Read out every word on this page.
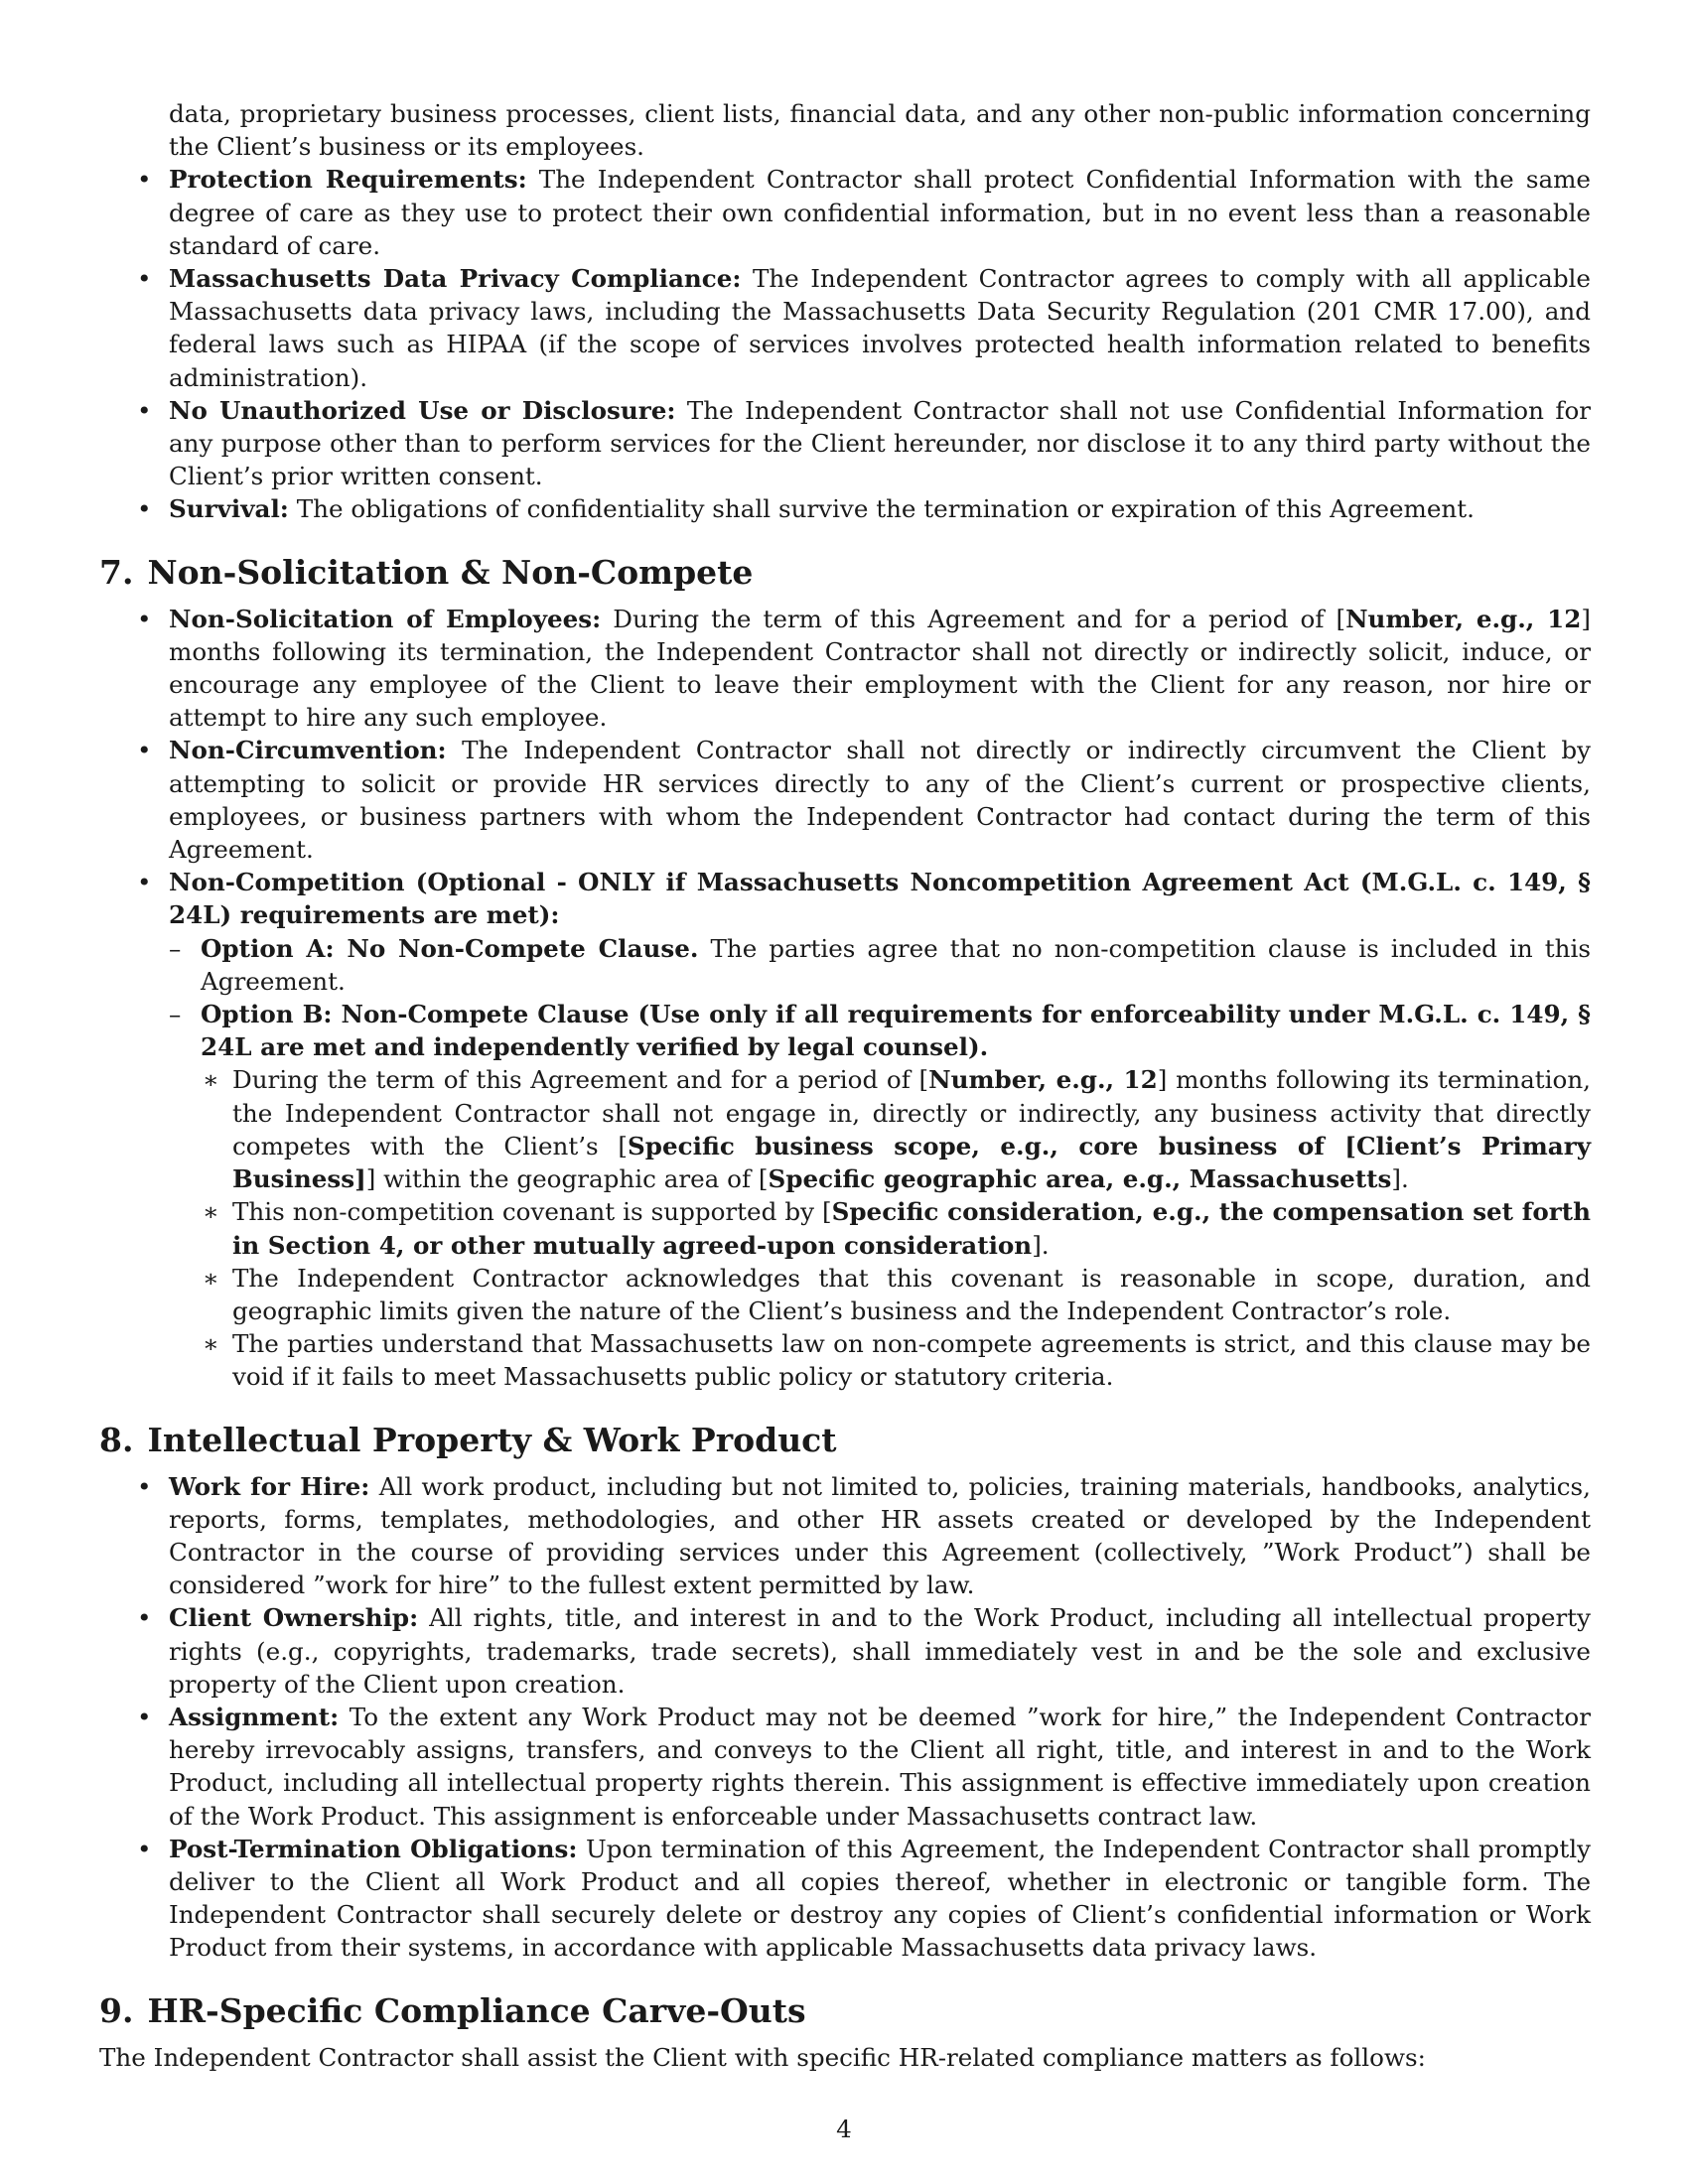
data, proprietary business processes, client lists, financial data, and any other non-public information concerning the Client’s business or its employees.

• Protection Requirements: The Independent Contractor shall protect Confidential Information with the same degree of care as they use to protect their own confidential information, but in no event less than a reasonable standard of care.
• Massachusetts Data Privacy Compliance: The Independent Contractor agrees to comply with all applicable Massachusetts data privacy laws, including the Massachusetts Data Security Regulation (201 CMR 17.00), and federal laws such as HIPAA (if the scope of services involves protected health information related to benefits administration).
• No Unauthorized Use or Disclosure: The Independent Contractor shall not use Confidential Information for any purpose other than to perform services for the Client hereunder, nor disclose it to any third party without the Client’s prior written consent.
• Survival: The obligations of confidentiality shall survive the termination or expiration of this Agreement.
7. Non-Solicitation & Non-Compete
• Non-Solicitation of Employees: During the term of this Agreement and for a period of [Number, e.g., 12] months following its termination, the Independent Contractor shall not directly or indirectly solicit, induce, or encourage any employee of the Client to leave their employment with the Client for any reason, nor hire or attempt to hire any such employee.
• Non-Circumvention: The Independent Contractor shall not directly or indirectly circumvent the Client by attempting to solicit or provide HR services directly to any of the Client’s current or prospective clients, employees, or business partners with whom the Independent Contractor had contact during the term of this Agreement.
• Non-Competition (Optional - ONLY if Massachusetts Noncompetition Agreement Act (M.G.L. c. 149, § 24L) requirements are met):
– Option A: No Non-Compete Clause. The parties agree that no non-competition clause is included in this Agreement.
– Option B: Non-Compete Clause (Use only if all requirements for enforceability under M.G.L. c. 149, § 24L are met and independently verified by legal counsel).
∗ During the term of this Agreement and for a period of [Number, e.g., 12] months following its termination, the Independent Contractor shall not engage in, directly or indirectly, any business activity that directly competes with the Client’s [Specific business scope, e.g., core business of [Client’s Primary Business]] within the geographic area of [Specific geographic area, e.g., Massachusetts].
∗ This non-competition covenant is supported by [Specific consideration, e.g., the compensation set forth in Section 4, or other mutually agreed-upon consideration].
∗ The Independent Contractor acknowledges that this covenant is reasonable in scope, duration, and geographic limits given the nature of the Client’s business and the Independent Contractor’s role.
∗ The parties understand that Massachusetts law on non-compete agreements is strict, and this clause may be void if it fails to meet Massachusetts public policy or statutory criteria.
8. Intellectual Property & Work Product
• Work for Hire: All work product, including but not limited to, policies, training materials, handbooks, analytics, reports, forms, templates, methodologies, and other HR assets created or developed by the Independent Contractor in the course of providing services under this Agreement (collectively, ”Work Product”) shall be considered ”work for hire” to the fullest extent permitted by law.
• Client Ownership: All rights, title, and interest in and to the Work Product, including all intellectual property rights (e.g., copyrights, trademarks, trade secrets), shall immediately vest in and be the sole and exclusive property of the Client upon creation.
• Assignment: To the extent any Work Product may not be deemed ”work for hire,” the Independent Contractor hereby irrevocably assigns, transfers, and conveys to the Client all right, title, and interest in and to the Work Product, including all intellectual property rights therein. This assignment is effective immediately upon creation of the Work Product. This assignment is enforceable under Massachusetts contract law.
• Post-Termination Obligations: Upon termination of this Agreement, the Independent Contractor shall promptly deliver to the Client all Work Product and all copies thereof, whether in electronic or tangible form. The Independent Contractor shall securely delete or destroy any copies of Client’s confidential information or Work Product from their systems, in accordance with applicable Massachusetts data privacy laws.
9. HR-Specific Compliance Carve-Outs

The Independent Contractor shall assist the Client with specific HR-related compliance matters as follows:

4
